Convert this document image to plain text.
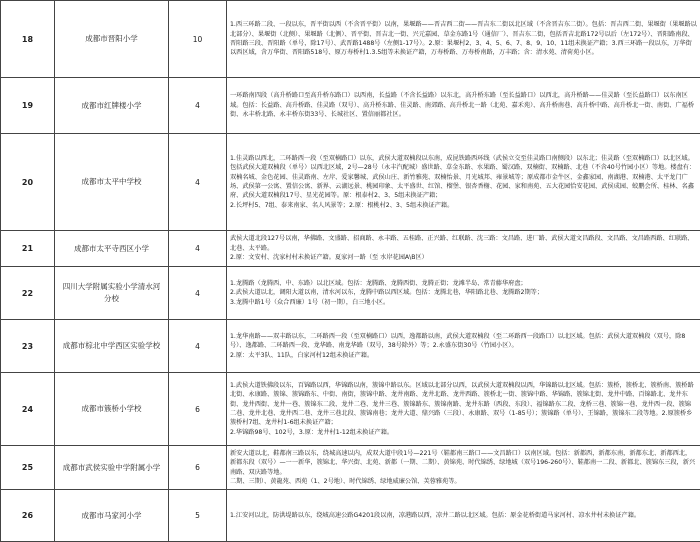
18	成都市晋阳小学	10	1.西三环路二段、一段以东，晋平街以西（不含晋平街）以南，果堰路——晋吉西二街——晋吉东二街以北区域（不含晋吉东二街）。包括：晋吉西二街、果堰街（果堰路以北部分）、果堰街（北侧）、果堰路（北侧）、晋平街、晋吉北一街、兴元嘉园、草金东路1号（通信厂）、晋吉东二街，包括晋吉北路172号以后（左172号）、晋阳路南段、晋阳路三段、晋阳路（单号，除17号）、武晋路1488号（左侧1-17号）。2.原：果堰村2、3、4、5、6、7、8、9、10、11组未换证产籍；3.西三环路一段以东，万华街以西区域，含万华街、晋阳路518号、原万寿桥村1.3.5组等未换证产籍，万寿桥路、万寿桥南路，万丰路；含：清水苑、清荷苑小区。

19	成都市红牌楼小学	4	一环路南四段（高升桥路口至高升桥东路口）以西南，长益路（不含长益路）以东北，高升桥东路（至长益路口）以西北，高升桥路——佳灵路（至长益路口）以东南区域。包括：长益路、高升桥路、佳灵路（双号）、高升桥东路、佳灵路、南郊路、高升桥北一路（北苑、嘉禾苑）、高升桥南巷、高升桥中路、高升桥北一街、南街、广福桥街、永丰桥北路、永丰桥东街33号、长城社区、置信丽都社区。

20	成都市太平中学校	4	1.佳灵路以西北，二环路西一段（至双楠路口）以东，武侯大道双楠段以东南，成昆铁路西环线（武侯立交至佳灵路口南侧段）以东北；佳灵路（至双楠路口）以北区域。包括武侯大道双楠段（单号）以西北区域，2号—28号（永丰汽配城）盛世路、草金东路、水果路、蜀汉路、双楠街、双楠路、北巷（不含40号竹园小区）等地。楼盘有：双楠名城、金色花园、佳灵路南、左岸、爱家馨城、武侯山庄、新竹雅苑、双楠怡景、月光城邦、雍景城等；原成都市金牛区、金鑫家园、南湖港、双楠港、太平龙门广场、武侯第一公寓、置信公寓、新界、云湖远景、桃园印象、太平盛世、红馆、榴堡、银杏香榭、花园、家和南苑、五大花园恰安花园、武侯成园、蛟鹏会所、桂林、名鑫府、武侯大道双楠段17号、星光花园等。原：根泰村2、3、5组未换证产籍；
2.长坪村5、7组、泰来南家、名人风景等；2.原：根桃村2、3、5组未换证产籍。

21	成都市太平寺西区小学	4	武侯大道北段127号以南，华佛路、文盛路、招商路、永丰路、五桂路、正兴路、红联路、沈三路：文昌路、进厂路、武侯大道文昌路段、文昌路、文昌路西路、红联路、北巷、太平路。
2.原：文安村、沈家村村未换证产籍。夏家河一路（至 水岸花园A\B区）

22	四川大学附属实验小学清水河分校	4	1.龙腾路（龙腾西、中、东路）以北区域。包括：龙腾路、龙腾西街、龙腾正街；龙滩半岛、常青藤华府盘；
2.武侯大道以北，调阳大道以南，清水河以东，龙腾中路以西区域。包括：龙腾北巷，华阳路北巷、龙腾路2期等；
3.龙腾中路1号（众合西廉）1号（初一期），白三地小区。

23	成都市棕北中学西区实验学校	4	1.龙华南路——双丰路以东，二环路西一段（至双楠路口）以西，逸都路以南，武侯大道双楠段（至二环路西一段路口）以北区域。包括：武侯大道双楠段（双号，除8号）、逸都路、二环路西一段、龙华路、南龙华路（双号，38号除外）等；2.永盛东街30号（竹园小区）。
2.原：太平3队、11队，白家河村12组未换证产籍。

24	成都市簇桥小学校	6	1.武侯大道铁佛段以东，百锦路以西，华锦路以南，簇锦中路以东。区域以北部分以西，以武侯大道双楠段以西，华锦路以北区域。包括：簇桥，簇桥北、簇桥南、簇桥路北街、永康路、簇锦、簇锦路东、中街、南街，簇锦中路、龙井南路、龙井北路、龙井西路、簇桥北一街、簇锦中路、华锦路、簇锦北街、龙井中路、百锦路北、龙井东街、龙井西街、龙井一巷、簇锦东二段、龙井二巷、龙井三巷、簇锦路东、簇锦南路、龙井东路（西段、东段）、福锦路东二段、龙桥三巷、簇锦一巷、龙井西一段、簇锦二巷、龙井北巷、龙井西二巷、龙井三巷北段、簇锦南巷；龙井大道、鼎兴路（三段）、永康路、双号（1-85号）；簇锦路（单号）、王锦路，簇锦东二段等地。2.原簇桥乡簇桥村7组、龙井村1-6组未换证产籍；
2.华锦路98号、102号，3.原：龙井村1-12组未换证产籍。

25	成都市武侯实验中学附属小学	6	新安大道以北，鞋都南三路以东，绕城高速以内，成双大道中段1号—221号（鞋都南三路口——文昌路口）以南区域。包括：新都西，新都东南，新都东北、新都西北，新都东段（双号）—一一新华，簇锦北、华兴街、北苑、新都（一期、二期）、黄锦苑、时代锦绣、绿地城（双号196-260号）、鞋都南一二段、新都北、簇锦东三段，新兴南路、双庆路等地。
二期、三期）、黄龍苑、西苑（1、2号地）、时代锦绣、绿地威廉公馆、芙蓉雅苑等。

26	成都市马家河小学	5	1.江安河以北，防洪堤路以东，绕城高速公路G4201段以南，凉港路以西，凉井二路以北区域。包括：原金花桥街道马家河村、凉水井村未换证产籍。
